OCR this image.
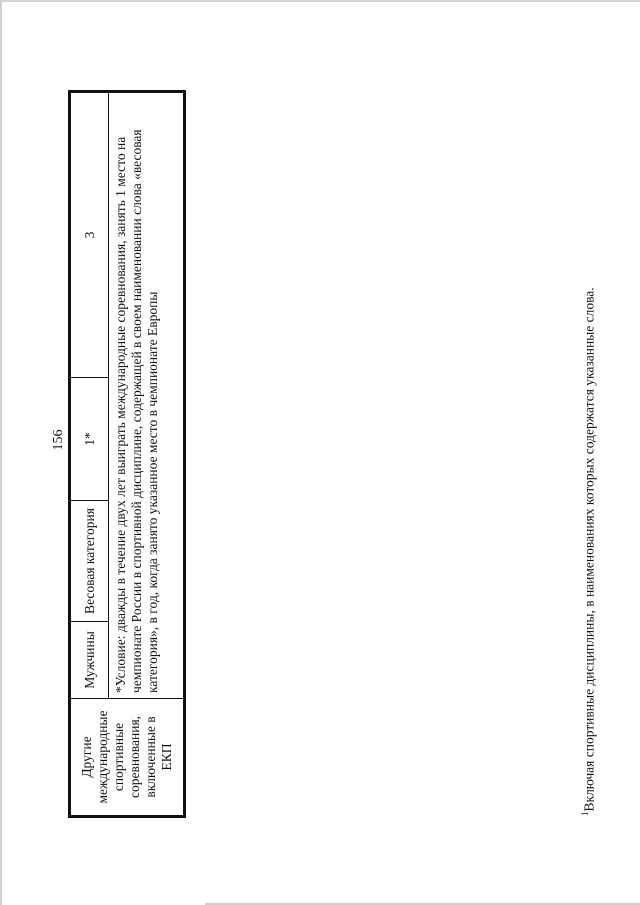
156
Другие международные спортивные соревнования, включенные в ЕКП	Мужчины	Весовая категория	1*	3
*Условие: дважды в течение двух лет выиграть международные соревнования, занять 1 место на чемпионате России в спортивной дисциплине, содержащей в своем наименовании слова «весовая категория», в год, когда занято указанное место в чемпионате Европы
$^1$Включая спортивные дисциплины, в наименованиях которых содержатся указанные слова.
